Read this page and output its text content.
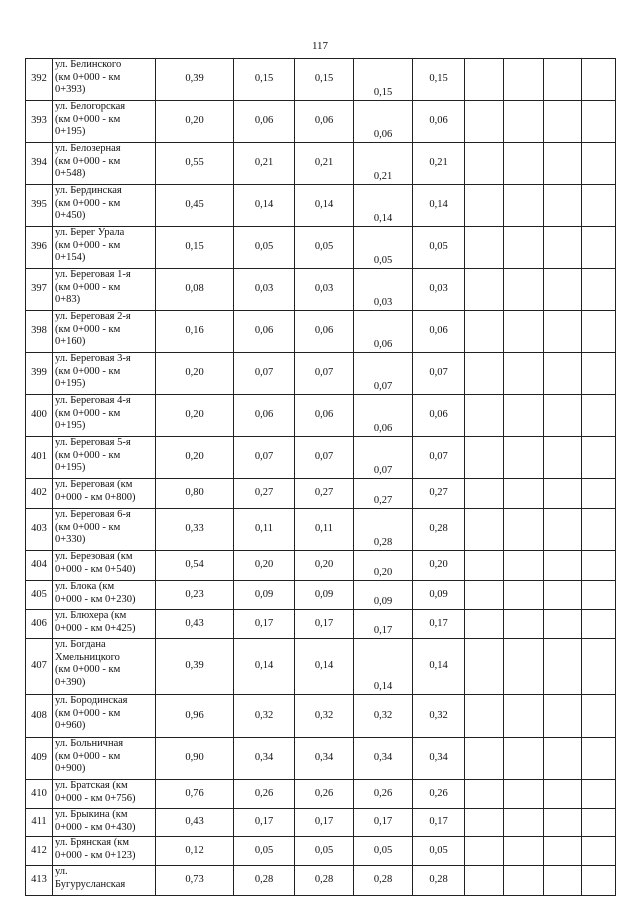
117
392	ул. Белинского
(км 0+000 - км
0+393)	0,39	0,15	0,15	0,15	0,15				
393	ул. Белогорская
(км 0+000 - км
0+195)	0,20	0,06	0,06	0,06	0,06				
394	ул. Белозерная
(км 0+000 - км
0+548)	0,55	0,21	0,21	0,21	0,21				
395	ул. Бердинская
(км 0+000 - км
0+450)	0,45	0,14	0,14	0,14	0,14				
396	ул. Берег Урала
(км 0+000 - км
0+154)	0,15	0,05	0,05	0,05	0,05				
397	ул. Береговая 1-я
(км 0+000 - км
0+83)	0,08	0,03	0,03	0,03	0,03				
398	ул. Береговая 2-я
(км 0+000 - км
0+160)	0,16	0,06	0,06	0,06	0,06				
399	ул. Береговая 3-я
(км 0+000 - км
0+195)	0,20	0,07	0,07	0,07	0,07				
400	ул. Береговая 4-я
(км 0+000 - км
0+195)	0,20	0,06	0,06	0,06	0,06				
401	ул. Береговая 5-я
(км 0+000 - км
0+195)	0,20	0,07	0,07	0,07	0,07				
402	ул. Береговая (км
0+000 - км 0+800)	0,80	0,27	0,27	0,27	0,27				
403	ул. Береговая 6-я
(км 0+000 - км
0+330)	0,33	0,11	0,11	0,28	0,28				
404	ул. Березовая (км
0+000 - км 0+540)	0,54	0,20	0,20	0,20	0,20				
405	ул. Блока (км
0+000 - км 0+230)	0,23	0,09	0,09	0,09	0,09				
406	ул. Блюхера (км
0+000 - км 0+425)	0,43	0,17	0,17	0,17	0,17				
407	ул. Богдана
Хмельницкого
(км 0+000 - км
0+390)	0,39	0,14	0,14	0,14	0,14				
408	ул. Бородинская
(км 0+000 - км
0+960)	0,96	0,32	0,32	0,32	0,32				
409	ул. Больничная
(км 0+000 - км
0+900)	0,90	0,34	0,34	0,34	0,34				
410	ул. Братская (км
0+000 - км 0+756)	0,76	0,26	0,26	0,26	0,26				
411	ул. Брыкина (км
0+000 - км 0+430)	0,43	0,17	0,17	0,17	0,17				
412	ул. Брянская (км
0+000 - км 0+123)	0,12	0,05	0,05	0,05	0,05				
413	ул.
Бугурусланская	0,73	0,28	0,28	0,28	0,28				
